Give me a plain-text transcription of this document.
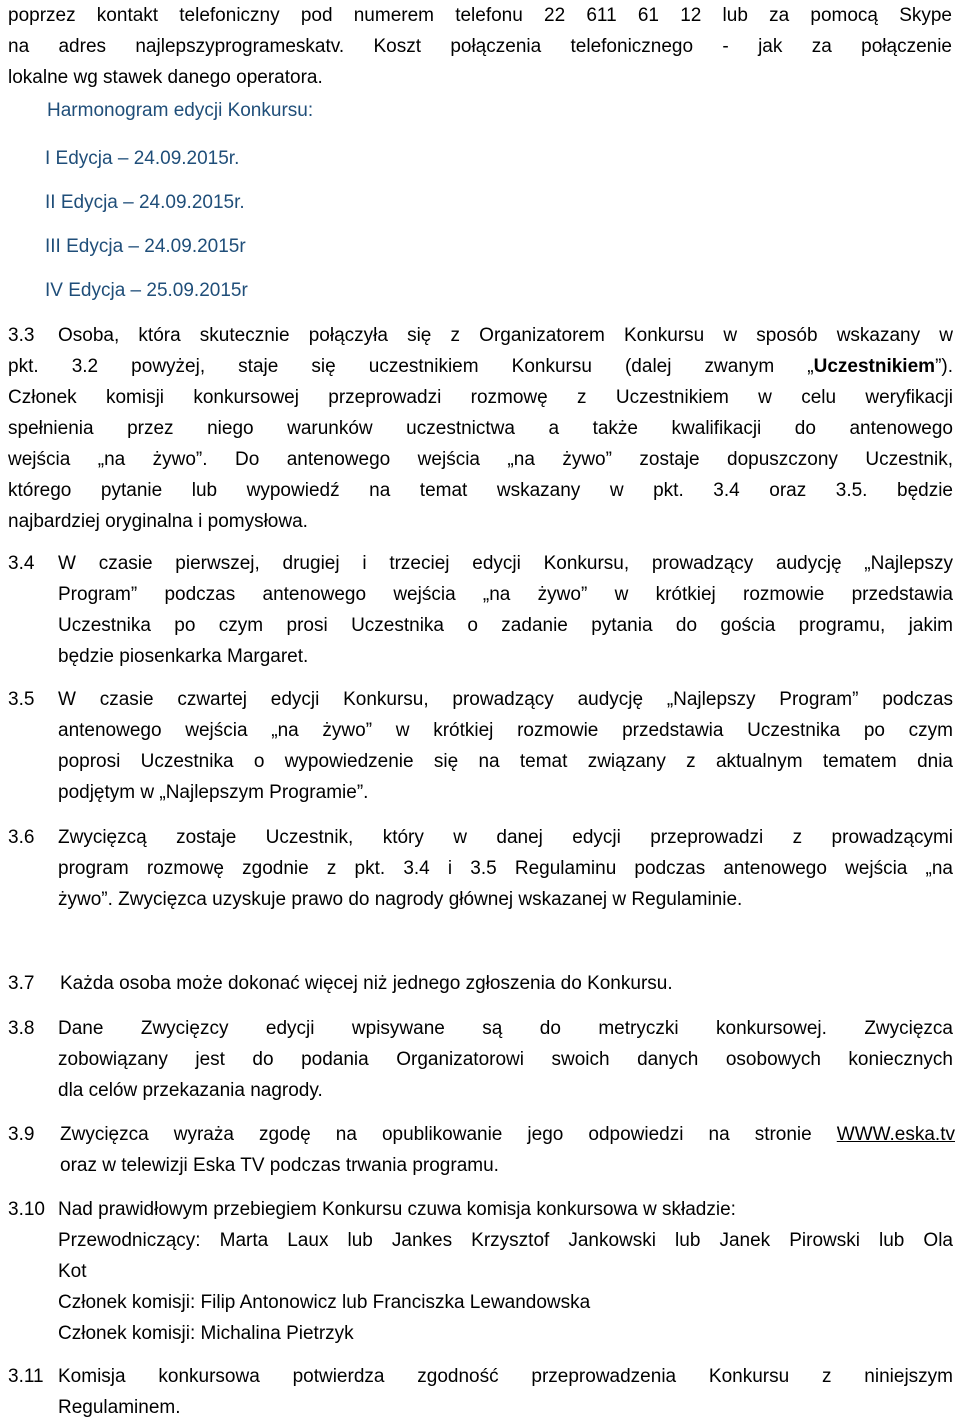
poprzez kontakt telefoniczny pod numerem telefonu 22 611 61 12 lub za pomocą Skype
na adres najlepszyprogrameskatv. Koszt połączenia telefonicznego - jak za połączenie
lokalne wg stawek danego operatora.
Harmonogram edycji Konkursu:
I Edycja – 24.09.2015r.
II Edycja – 24.09.2015r.
III Edycja – 24.09.2015r
IV Edycja – 25.09.2015r
3.3	Osoba, która skutecznie połączyła się z Organizatorem Konkursu w sposób wskazany w
pkt. 3.2 powyżej, staje się uczestnikiem Konkursu (dalej zwanym „Uczestnikiem”).
Członek komisji konkursowej przeprowadzi rozmowę z Uczestnikiem w celu weryfikacji
spełnienia przez niego warunków uczestnictwa a także kwalifikacji do antenowego
wejścia „na żywo”. Do antenowego wejścia „na żywo” zostaje dopuszczony Uczestnik,
którego pytanie lub wypowiedź na temat wskazany w pkt. 3.4 oraz 3.5. będzie
najbardziej oryginalna i pomysłowa.
3.4	W czasie pierwszej, drugiej i trzeciej edycji Konkursu, prowadzący audycję „Najlepszy
Program” podczas antenowego wejścia „na żywo” w krótkiej rozmowie przedstawia
Uczestnika po czym prosi Uczestnika o zadanie pytania do gościa programu, jakim
będzie piosenkarka Margaret.
3.5	W czasie czwartej edycji Konkursu, prowadzący audycję „Najlepszy Program” podczas
antenowego wejścia „na żywo” w krótkiej rozmowie przedstawia Uczestnika po czym
poprosi Uczestnika o wypowiedzenie się na temat związany z aktualnym tematem dnia
podjętym w „Najlepszym Programie”.
3.6	Zwycięzcą zostaje Uczestnik, który w danej edycji przeprowadzi z prowadzącymi
program rozmowę zgodnie z pkt. 3.4 i 3.5 Regulaminu podczas antenowego wejścia „na
żywo”. Zwycięzca uzyskuje prawo do nagrody głównej wskazanej w Regulaminie.
3.7	Każda osoba może dokonać więcej niż jednego zgłoszenia do Konkursu.
3.8	Dane Zwycięzcy edycji wpisywane są do metryczki konkursowej. Zwycięzca
zobowiązany jest do podania Organizatorowi swoich danych osobowych koniecznych
dla celów przekazania nagrody.
3.9	Zwycięzca wyraża zgodę na opublikowanie jego odpowiedzi na stronie WWW.eska.tv
oraz w telewizji Eska TV podczas trwania programu.
3.10 Nad prawidłowym przebiegiem Konkursu czuwa komisja konkursowa w składzie:
Przewodniczący: Marta Laux lub Jankes Krzysztof Jankowski lub Janek Pirowski lub Ola
Kot
Członek komisji: Filip Antonowicz lub Franciszka Lewandowska
Członek komisji: Michalina Pietrzyk
3.11 Komisja konkursowa potwierdza zgodność przeprowadzenia Konkursu z niniejszym
Regulaminem.
